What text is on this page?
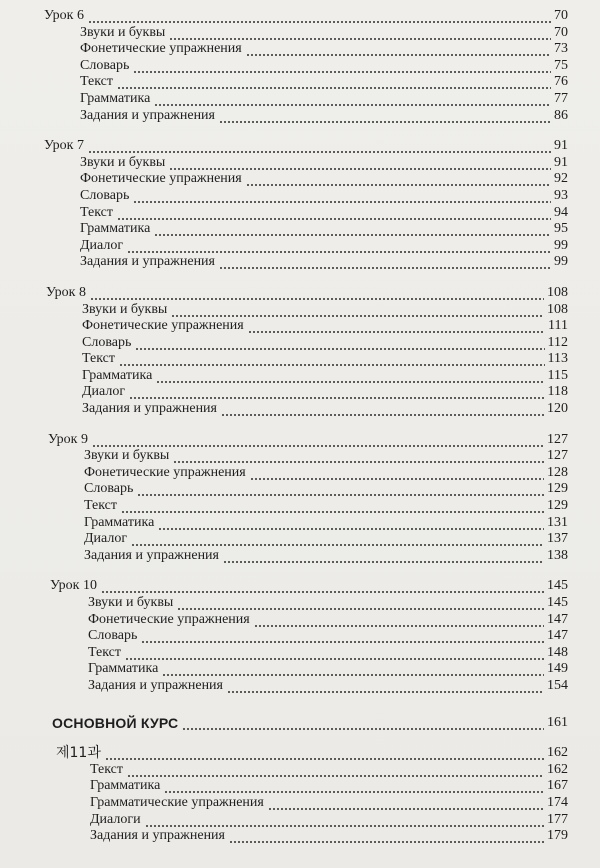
Урок 6	70
Звуки и буквы	70
Фонетические упражнения	73
Словарь	75
Текст	76
Грамматика	77
Задания и упражнения	86
Урок 7	91
Звуки и буквы	91
Фонетические упражнения	92
Словарь	93
Текст	94
Грамматика	95
Диалог	99
Задания и упражнения	99
Урок 8	108
Звуки и буквы	108
Фонетические упражнения	111
Словарь	112
Текст	113
Грамматика	115
Диалог	118
Задания и упражнения	120
Урок 9	127
Звуки и буквы	127
Фонетические упражнения	128
Словарь	129
Текст	129
Грамматика	131
Диалог	137
Задания и упражнения	138
Урок 10	145
Звуки и буквы	145
Фонетические упражнения	147
Словарь	147
Текст	148
Грамматика	149
Задания и упражнения	154
ОСНОВНОЙ КУРС	161
제11과	162
Текст	162
Грамматика	167
Грамматические упражнения	174
Диалоги	177
Задания и упражнения	179
